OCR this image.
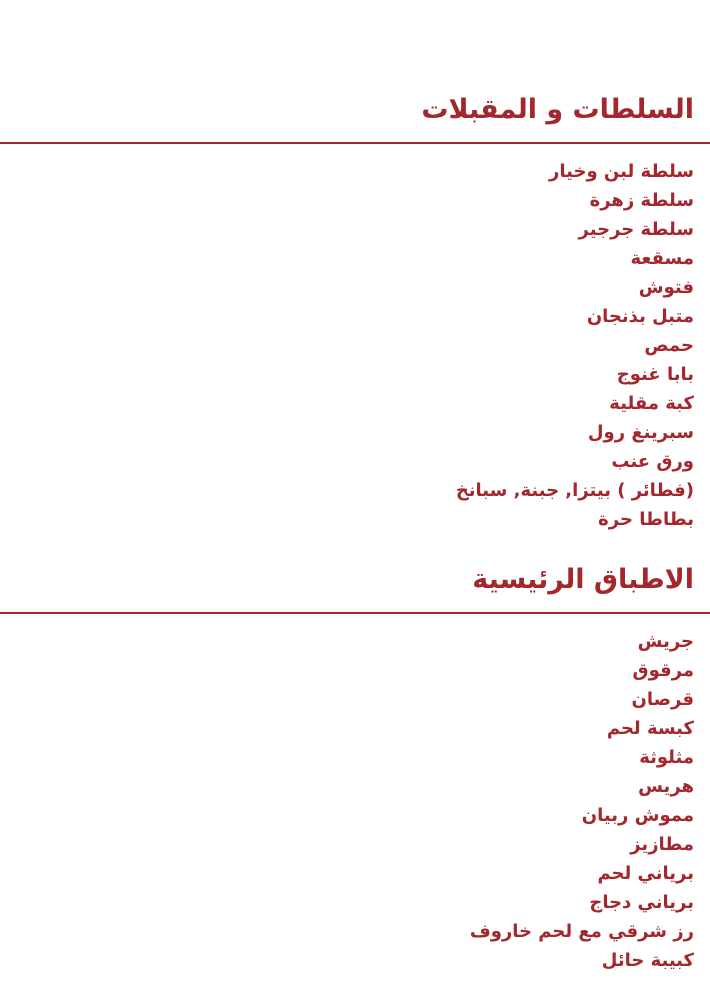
السلطات و المقبلات
سلطة لبن وخيار
سلطة زهرة
سلطة جرجير
مسقعة
فتوش
متبل بذنجان
حمص
بابا غنوج
كبة مقلية
سبرينغ رول
ورق عنب
(فطائر ) بيتزا, جبنة, سبانخ
بطاطا حرة
الاطباق الرئيسية
جريش
مرقوق
قرصان
كبسة لحم
مثلوثة
هريس
مموش ربيان
مطازيز
برياني لحم
برياني دجاج
رز شرقي مع لحم خاروف
كبيبة حائل
